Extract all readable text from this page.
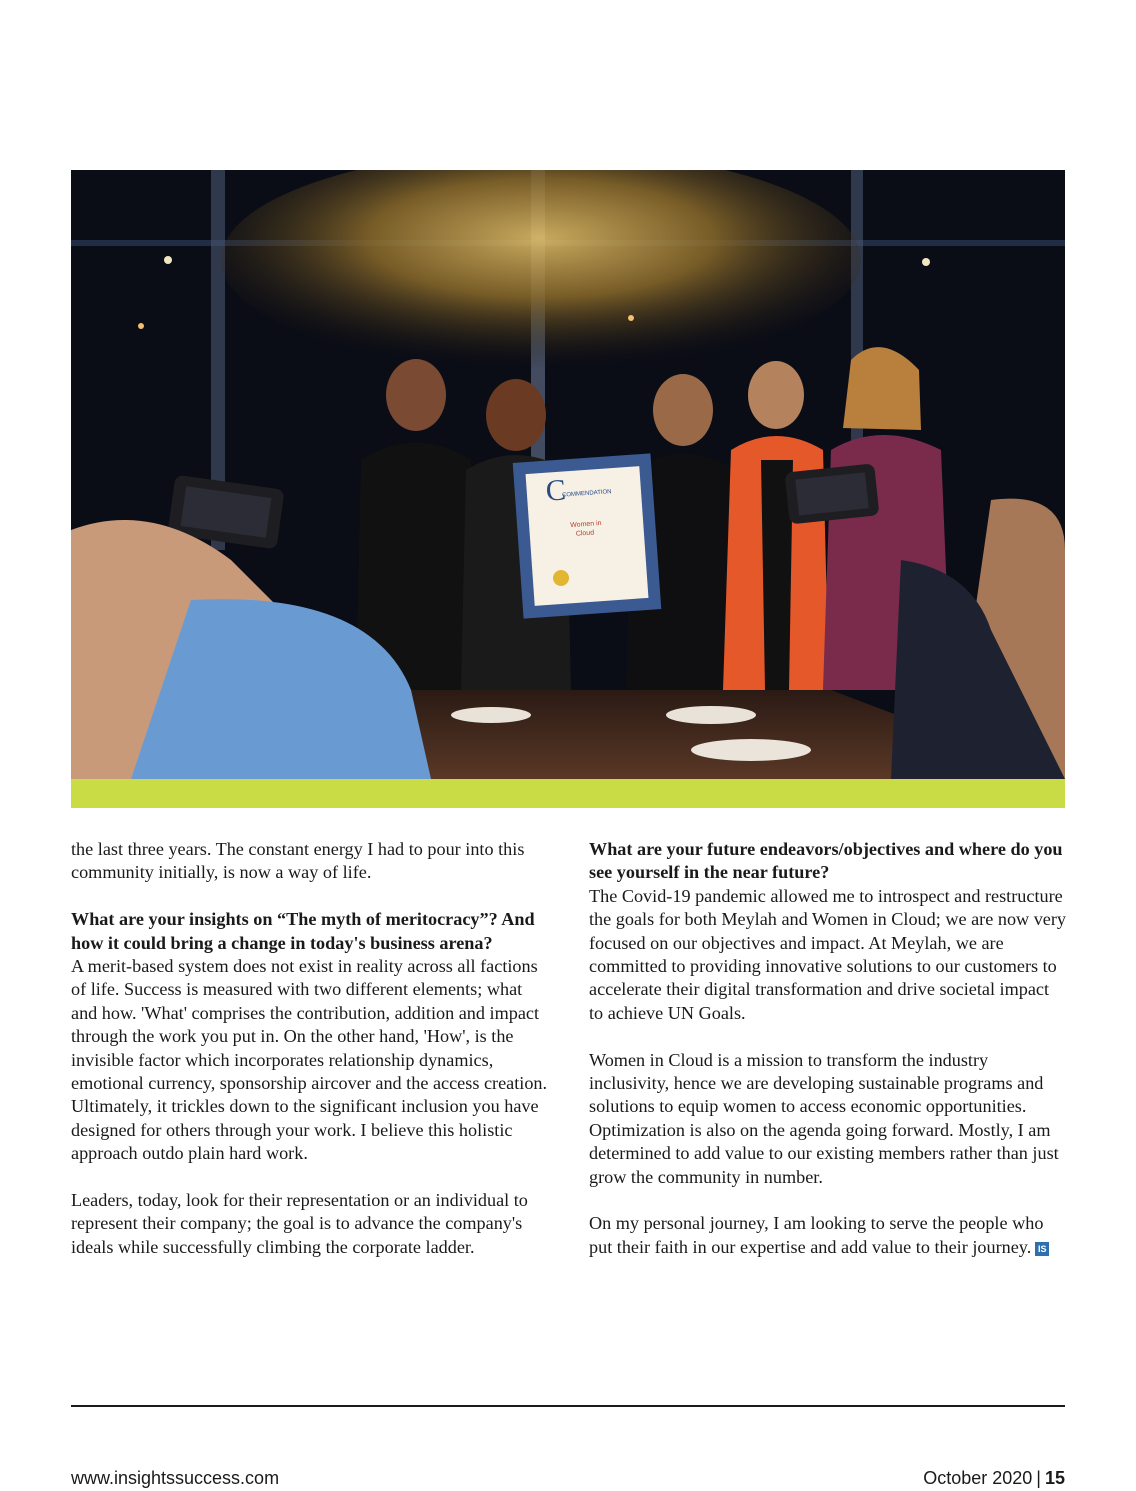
C
COMMENDATION
Women in
Cloud

the last three years. The constant energy I had to pour into this community initially, is now a way of life.

What are your insights on “The myth of meritocracy”? And how it could bring a change in today's business arena?

A merit-based system does not exist in reality across all factions of life. Success is measured with two different elements; what and how. 'What' comprises the contribution, addition and impact through the work you put in. On the other hand, 'How', is the invisible factor which incorporates relationship dynamics, emotional currency, sponsorship aircover and the access creation. Ultimately, it trickles down to the significant inclusion you have designed for others through your work. I believe this holistic approach outdo plain hard work.

Leaders, today, look for their representation or an individual to represent their company; the goal is to advance the company's ideals while successfully climbing the corporate ladder.

What are your future endeavors/objectives and where do you see yourself in the near future?

The Covid-19 pandemic allowed me to introspect and restructure the goals for both Meylah and Women in Cloud; we are now very focused on our objectives and impact. At Meylah, we are committed to providing innovative solutions to our customers to accelerate their digital transformation and drive societal impact to achieve UN Goals.

Women in Cloud is a mission to transform the industry inclusivity, hence we are developing sustainable programs and solutions to equip women to access economic opportunities. Optimization is also on the agenda going forward. Mostly, I am determined to add value to our existing members rather than just grow the community in number.

On my personal journey, I am looking to serve the people who put their faith in our expertise and add value to their journey. IS

www.insightssuccess.com	October 2020 | 15
